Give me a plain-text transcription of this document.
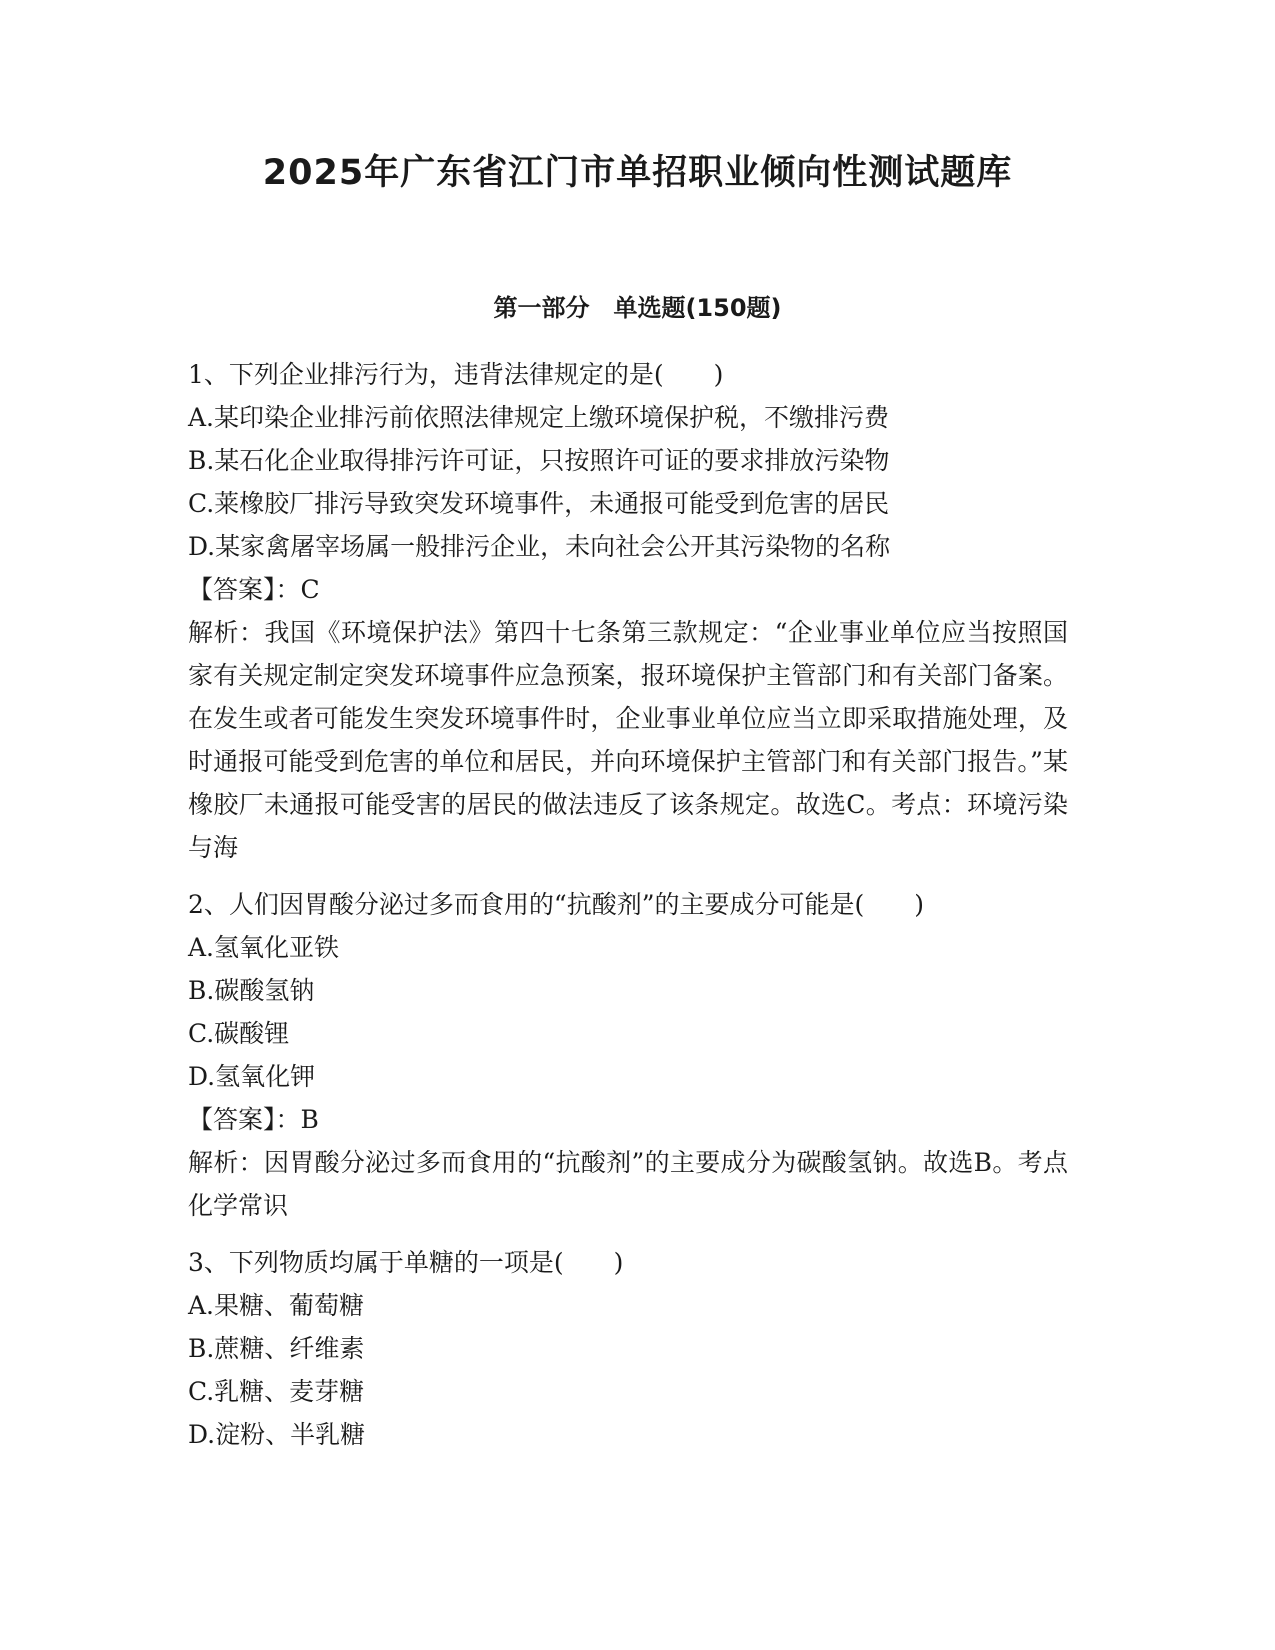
2025年广东省江门市单招职业倾向性测试题库
第一部分　单选题(150题)
1、下列企业排污行为，违背法律规定的是(　　)
A.某印染企业排污前依照法律规定上缴环境保护税，不缴排污费
B.某石化企业取得排污许可证，只按照许可证的要求排放污染物
C.莱橡胶厂排污导致突发环境事件，未通报可能受到危害的居民
D.某家禽屠宰场属一般排污企业，未向社会公开其污染物的名称
【答案】：C
解析：我国《环境保护法》第四十七条第三款规定：“企业事业单位应当按照国家有关规定制定突发环境事件应急预案，报环境保护主管部门和有关部门备案。在发生或者可能发生突发环境事件时，企业事业单位应当立即采取措施处理，及时通报可能受到危害的单位和居民，并向环境保护主管部门和有关部门报告。”某橡胶厂未通报可能受害的居民的做法违反了该条规定。故选C。考点：环境污染与海
2、人们因胃酸分泌过多而食用的“抗酸剂”的主要成分可能是(　　)
A.氢氧化亚铁
B.碳酸氢钠
C.碳酸锂
D.氢氧化钾
【答案】：B
解析：因胃酸分泌过多而食用的“抗酸剂”的主要成分为碳酸氢钠。故选B。考点化学常识
3、下列物质均属于单糖的一项是(　　)
A.果糖、葡萄糖
B.蔗糖、纤维素
C.乳糖、麦芽糖
D.淀粉、半乳糖
